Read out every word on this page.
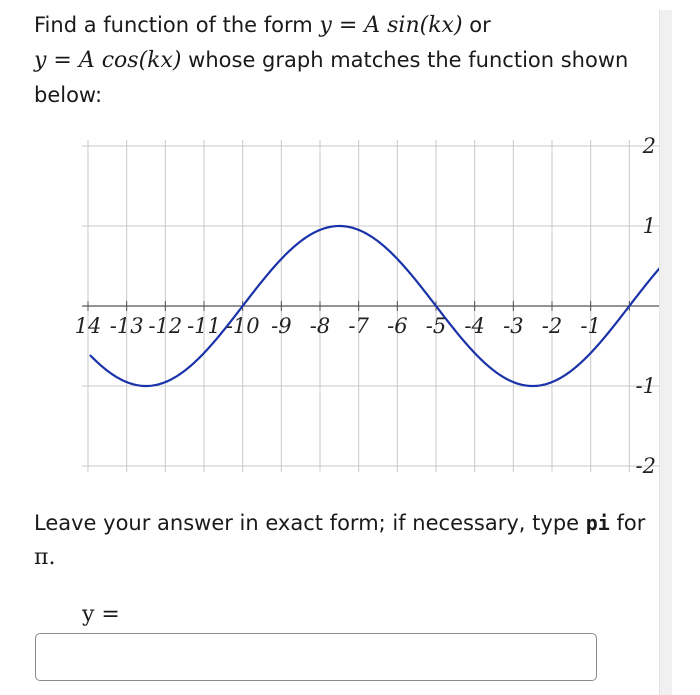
Find a function of the form y = A sin(kx) or
y = A cos(kx) whose graph matches the function shown below:

14 -13 -12 -11 -10 -9 -8 -7 -6 -5 -4 -3 -2 -1
-2
-1
1
2

Leave your answer in exact form; if necessary, type pi for
π.

y =
